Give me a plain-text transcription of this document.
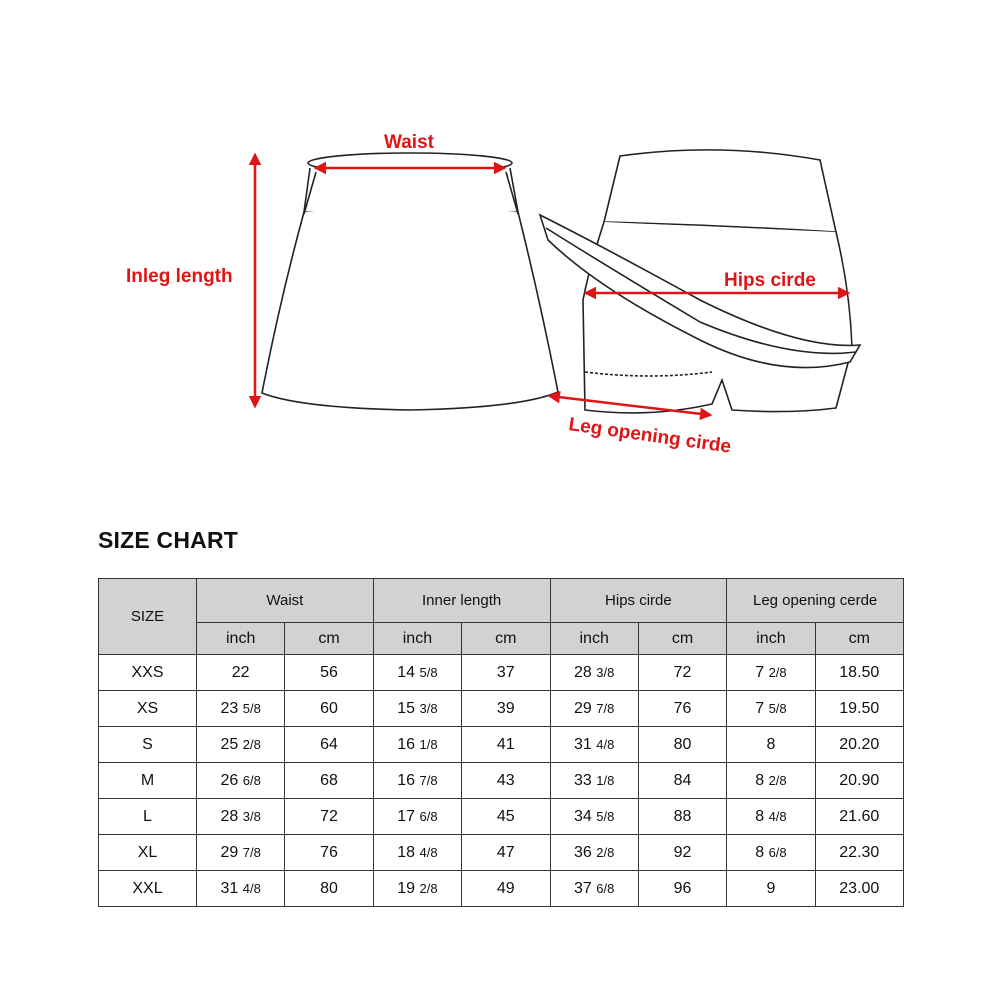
Waist
Inleg length	Hips cirde
Leg opening cirde
SIZE CHART
SIZE	Waist		Inner length		Hips cirde		Leg opening cerde	
	inch	cm	inch	cm	inch	cm	inch	cm
XXS	22	56	14 5/8	37	28 3/8	72	7 2/8	18.50
XS	23 5/8	60	15 3/8	39	29 7/8	76	7 5/8	19.50
S	25 2/8	64	16 1/8	41	31 4/8	80	8	20.20
M	26 6/8	68	16 7/8	43	33 1/8	84	8 2/8	20.90
L	28 3/8	72	17 6/8	45	34 5/8	88	8 4/8	21.60
XL	29 7/8	76	18 4/8	47	36 2/8	92	8 6/8	22.30
XXL	31 4/8	80	19 2/8	49	37 6/8	96	9	23.00
